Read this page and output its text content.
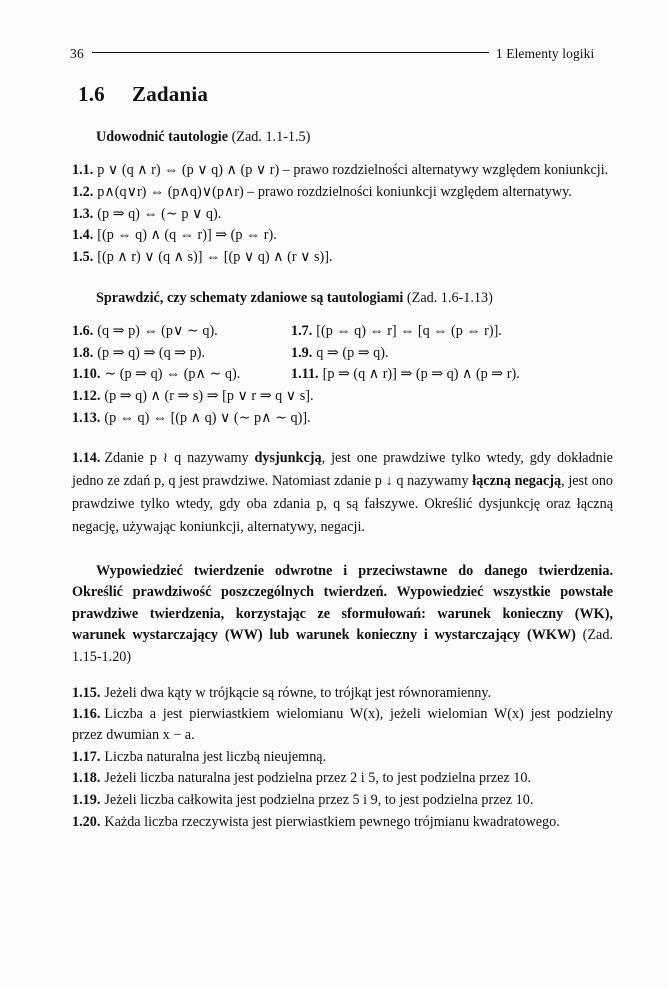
36	1 Elementy logiki
1.6 Zadania
Udowodnić tautologie (Zad. 1.1-1.5)
1.1. p ∨ (q ∧ r) ⇔ (p ∨ q) ∧ (p ∨ r) – prawo rozdzielności alternatywy względem koniunkcji.
1.2. p∧(q∨r) ⇔ (p∧q)∨(p∧r) – prawo rozdzielności koniunkcji względem alternatywy.
1.3. (p ⇒ q) ⇔ (∼ p ∨ q).
1.4. [(p ⇔ q) ∧ (q ⇔ r)] ⇒ (p ⇔ r).
1.5. [(p ∧ r) ∨ (q ∧ s)] ⇔ [(p ∨ q) ∧ (r ∨ s)].
Sprawdzić, czy schematy zdaniowe są tautologiami (Zad. 1.6-1.13)
1.6. (q ⇒ p) ⇔ (p∨ ∼ q).	1.7. [(p ⇔ q) ⇔ r] ⇔ [q ⇔ (p ⇔ r)].
1.8. (p ⇒ q) ⇒ (q ⇒ p).	1.9. q ⇒ (p ⇒ q).
1.10. ∼ (p ⇒ q) ⇔ (p∧ ∼ q).	1.11. [p ⇒ (q ∧ r)] ⇒ (p ⇒ q) ∧ (p ⇒ r).
1.12. (p ⇒ q) ∧ (r ⇒ s) ⇒ [p ∨ r ⇒ q ∨ s].
1.13. (p ⇔ q) ⇔ [(p ∧ q) ∨ (∼ p∧ ∼ q)].
1.14. Zdanie p ≀ q nazywamy dysjunkcją, jest one prawdziwe tylko wtedy, gdy dokładnie jedno ze zdań p, q jest prawdziwe. Natomiast zdanie p ↓ q nazywamy łączną negacją, jest ono prawdziwe tylko wtedy, gdy oba zdania p, q są fałszywe. Określić dysjunkcję oraz łączną negację, używając koniunkcji, alternatywy, negacji.
Wypowiedzieć twierdzenie odwrotne i przeciwstawne do danego twierdzenia. Określić prawdziwość poszczególnych twierdzeń. Wypowiedzieć wszystkie powstałe prawdziwe twierdzenia, korzystając ze sformułowań: warunek konieczny (WK), warunek wystarczający (WW) lub warunek konieczny i wystarczający (WKW) (Zad. 1.15-1.20)
1.15. Jeżeli dwa kąty w trójkącie są równe, to trójkąt jest równoramienny.
1.16. Liczba a jest pierwiastkiem wielomianu W(x), jeżeli wielomian W(x) jest podzielny przez dwumian x − a.
1.17. Liczba naturalna jest liczbą nieujemną.
1.18. Jeżeli liczba naturalna jest podzielna przez 2 i 5, to jest podzielna przez 10.
1.19. Jeżeli liczba całkowita jest podzielna przez 5 i 9, to jest podzielna przez 10.
1.20. Każda liczba rzeczywista jest pierwiastkiem pewnego trójmianu kwadratowego.
